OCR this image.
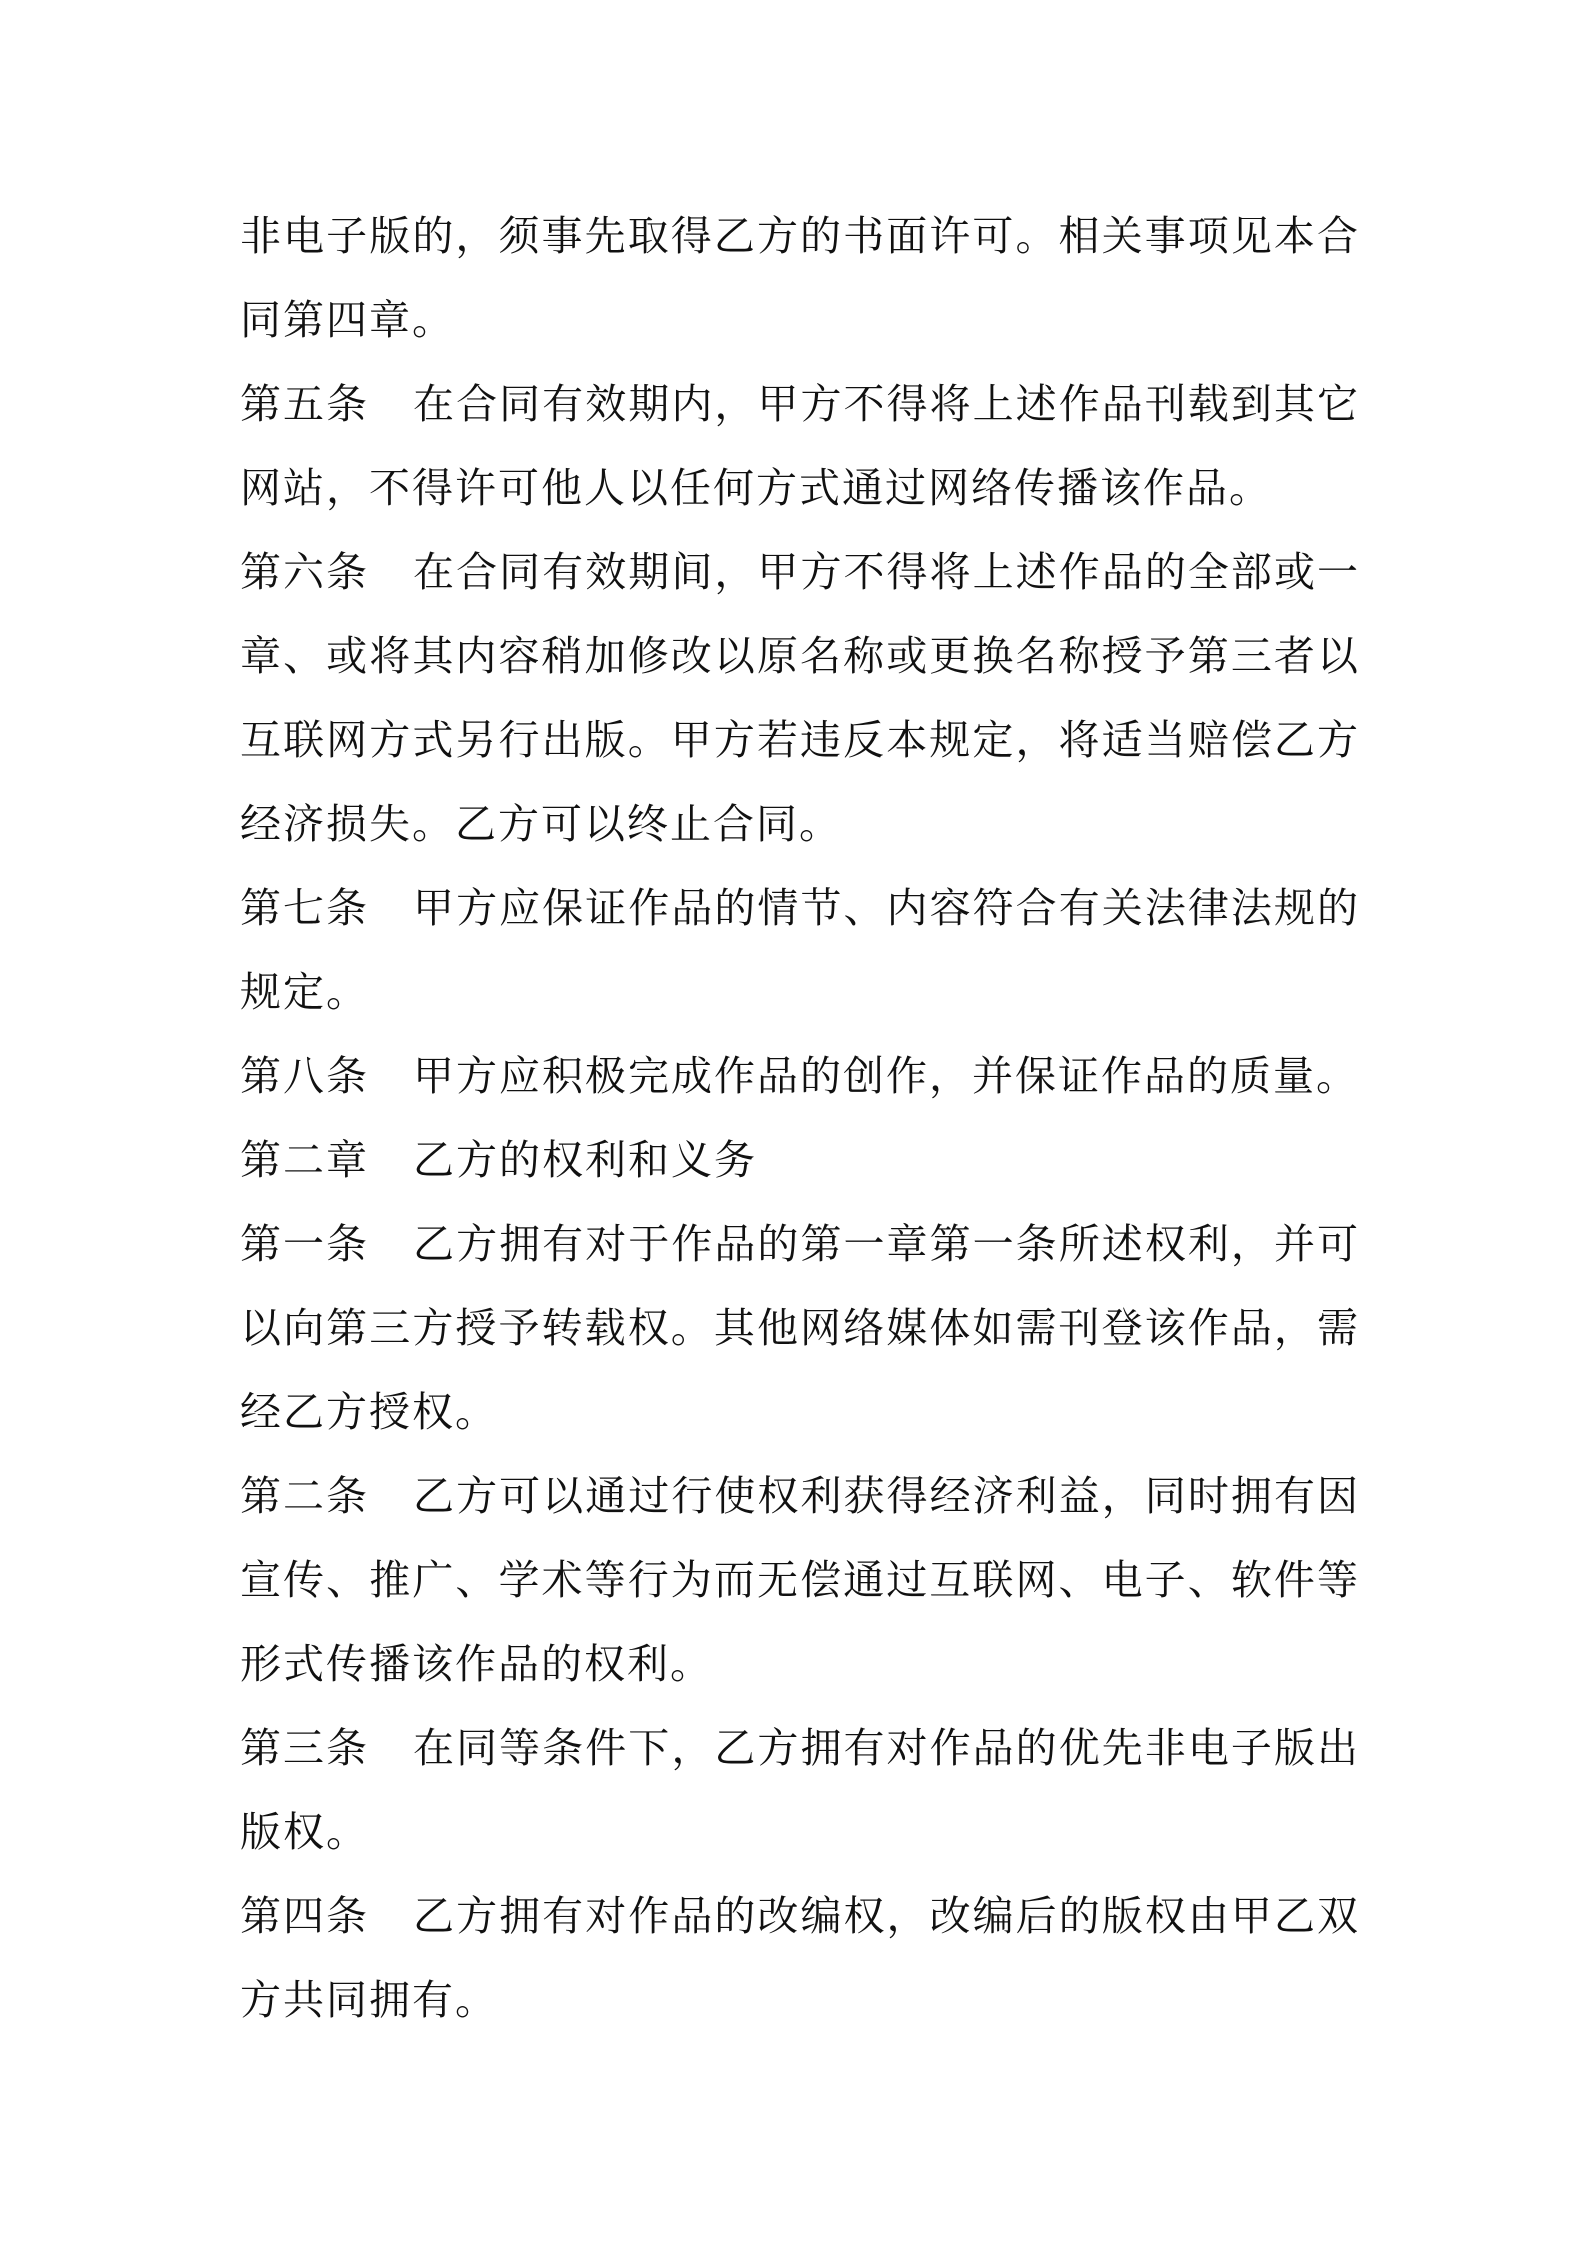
非电子版的，须事先取得乙方的书面许可。相关事项见本合同第四章。

第五条 在合同有效期内，甲方不得将上述作品刊载到其它网站，不得许可他人以任何方式通过网络传播该作品。

第六条 在合同有效期间，甲方不得将上述作品的全部或一章、或将其内容稍加修改以原名称或更换名称授予第三者以互联网方式另行出版。甲方若违反本规定，将适当赔偿乙方经济损失。乙方可以终止合同。

第七条 甲方应保证作品的情节、内容符合有关法律法规的规定。

第八条 甲方应积极完成作品的创作，并保证作品的质量。

第二章 乙方的权利和义务

第一条 乙方拥有对于作品的第一章第一条所述权利，并可以向第三方授予转载权。其他网络媒体如需刊登该作品，需经乙方授权。

第二条 乙方可以通过行使权利获得经济利益，同时拥有因宣传、推广、学术等行为而无偿通过互联网、电子、软件等形式传播该作品的权利。

第三条 在同等条件下，乙方拥有对作品的优先非电子版出版权。

第四条 乙方拥有对作品的改编权，改编后的版权由甲乙双方共同拥有。
